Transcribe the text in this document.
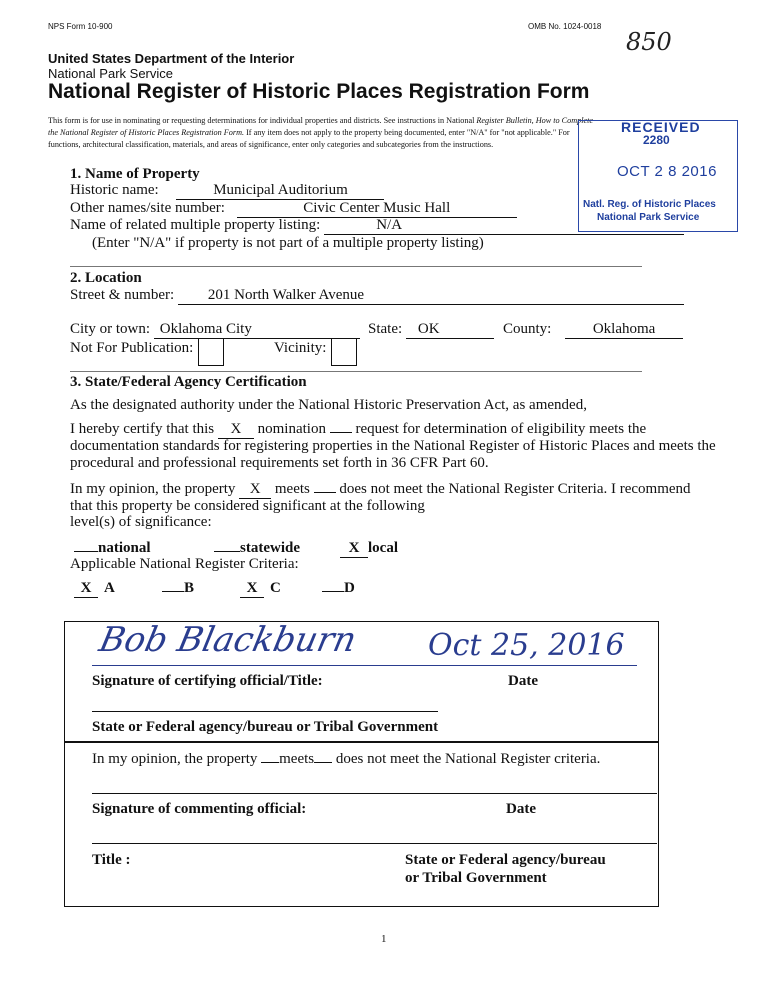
NPS Form 10-900	OMB No. 1024-0018
850
United States Department of the Interior
National Park Service
National Register of Historic Places Registration Form
This form is for use in nominating or requesting determinations for individual properties and districts. See instructions in National Register Bulletin, How to Complete
the National Register of Historic Places Registration Form. If any item does not apply to the property being documented, enter "N/A" for "not applicable." For
functions, architectural classification, materials, and areas of significance, enter only categories and subcategories from the instructions.
RECEIVED
2280
OCT 2 8 2016
Natl. Reg. of Historic Places
National Park Service
1. Name of Property
Historic name:	Municipal Auditorium
Other names/site number:	Civic Center Music Hall
Name of related multiple property listing:	N/A
(Enter "N/A" if property is not part of a multiple property listing)
2. Location
Street & number: 201 North Walker Avenue
City or town: Oklahoma City	State: OK	County:	Oklahoma
Not For Publication:	Vicinity:
3. State/Federal Agency Certification
As the designated authority under the National Historic Preservation Act, as amended,
I hereby certify that this X nomination request for determination of eligibility meets the
documentation standards for registering properties in the National Register of Historic Places and meets the
procedural and professional requirements set forth in 36 CFR Part 60.
In my opinion, the property X meets does not meet the National Register Criteria. I recommend
that this property be considered significant at the following
level(s) of significance:
national	statewide	X local
Applicable National Register Criteria:
X A	B	X C	D
Bob Blackburn Oct 25, 2016
Signature of certifying official/Title:	Date
State or Federal agency/bureau or Tribal Government
In my opinion, the property meets does not meet the National Register criteria.
Signature of commenting official:	Date
Title :	State or Federal agency/bureau
or Tribal Government
1
